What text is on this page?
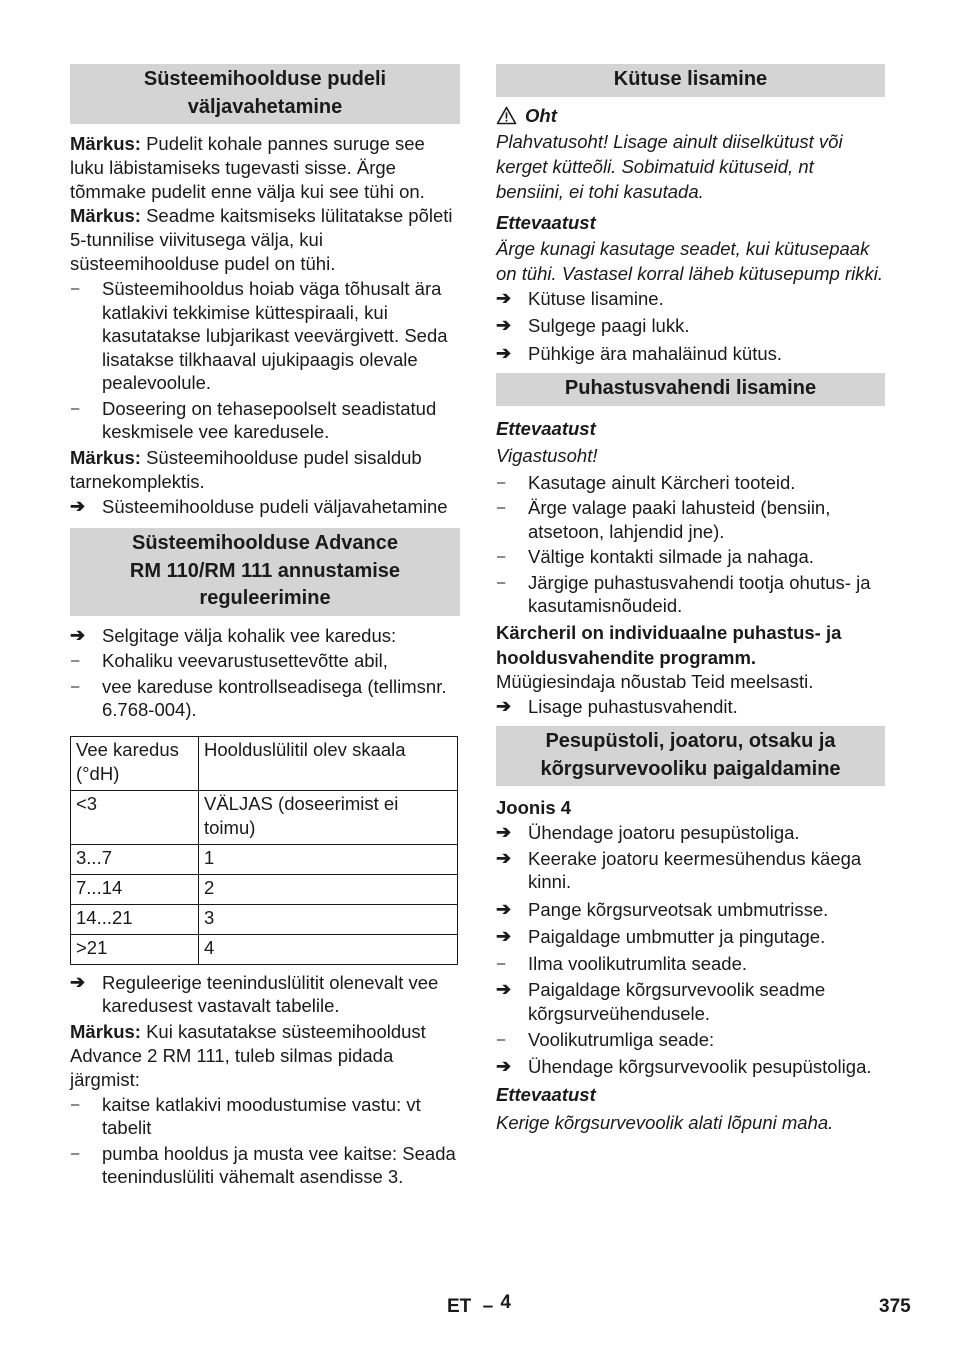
Süsteemihoolduse pudeli
väljavahetamine

Märkus: Pudelit kohale pannes suruge see luku läbistamiseks tugevasti sisse. Ärge tõmmake pudelit enne välja kui see tühi on.

Märkus: Seadme kaitsmiseks lülitatakse põleti 5-tunnilise viivitusega välja, kui süsteemihoolduse pudel on tühi.

–	Süsteemihooldus hoiab väga tõhusalt ära katlakivi tekkimise küttespiraali, kui kasutatakse lubjarikast veevärgivett. Seda lisatakse tilkhaaval ujukipaagis olevale pealevoolule.
–	Doseering on tehasepoolselt seadistatud keskmisele vee karedusele.

Märkus: Süsteemihoolduse pudel sisaldub tarnekomplektis.

➔ Süsteemihoolduse pudeli väljavahetamine
Süsteemihoolduse Advance
RM 110/RM 111 annustamise
reguleerimine
➔ Selgitage välja kohalik vee karedus:
–	Kohaliku veevarustusettevõtte abil,
–	vee kareduse kontrollseadisega (tellimsnr. 6.768-004).
Vee karedus (°dH)	Hoolduslülitil olev skaala
<3	VÄLJAS (doseerimist ei toimu)
3...7	1
7...14	2
14...21	3
>21	4
➔ Reguleerige teeninduslülitit olenevalt vee karedusest vastavalt tabelile.

Märkus: Kui kasutatakse süsteemihooldust Advance 2 RM 111, tuleb silmas pidada järgmist:

–	kaitse katlakivi moodustumise vastu: vt tabelit
–	pumba hooldus ja musta vee kaitse: Seada teeninduslüliti vähemalt asendisse 3.
Kütuse lisamine
Oht

Plahvatusoht! Lisage ainult diiselkütust või kerget kütteõli. Sobimatuid kütuseid, nt bensiini, ei tohi kasutada.

Ettevaatust

Ärge kunagi kasutage seadet, kui kütusepaak on tühi. Vastasel korral läheb kütusepump rikki.

➔ Kütuse lisamine.
➔ Sulgege paagi lukk.
➔ Pühkige ära mahaläinud kütus.
Puhastusvahendi lisamine

Ettevaatust

Vigastusoht!

–	Kasutage ainult Kärcheri tooteid.
–	Ärge valage paaki lahusteid (bensiin, atsetoon, lahjendid jne).
–	Vältige kontakti silmade ja nahaga.
–	Järgige puhastusvahendi tootja ohutus- ja kasutamisnõudeid.

Kärcheril on individuaalne puhastus- ja hooldusvahendite programm.

Müügiesindaja nõustab Teid meelsasti.

➔ Lisage puhastusvahendit.
Pesupüstoli, joatoru, otsaku ja
kõrgsurvevooliku paigaldamine

Joonis 4

➔ Ühendage joatoru pesupüstoliga.
➔ Keerake joatoru keermesühendus käega kinni.
➔ Pange kõrgsurveotsak umbmutrisse.
➔ Paigaldage umbmutter ja pingutage.
–	Ilma voolikutrumlita seade.
➔ Paigaldage kõrgsurvevoolik seadme kõrgsurveühendusele.
–	Voolikutrumliga seade:
➔ Ühendage kõrgsurvevoolik pesupüstoliga.

Ettevaatust

Kerige kõrgsurvevoolik alati lõpuni maha.

ET – 4	375
